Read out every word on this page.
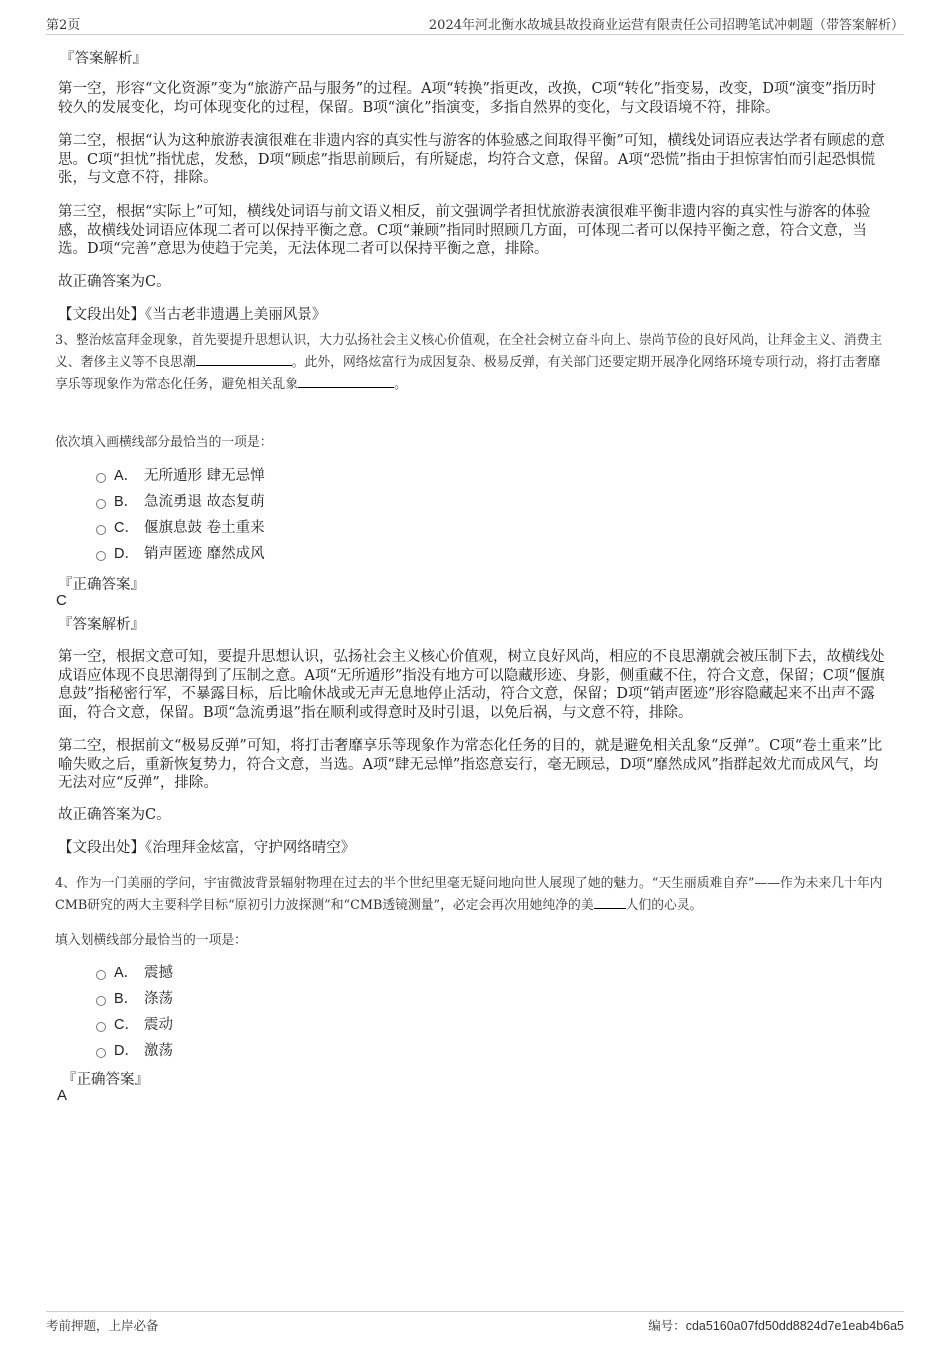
第2页	2024年河北衡水故城县故投商业运营有限责任公司招聘笔试冲刺题（带答案解析）
『答案解析』

第一空，形容“文化资源”变为“旅游产品与服务”的过程。A项“转换”指更改，改换，C项“转化”指变易，改变，D项“演变”指历时较久的发展变化，均可体现变化的过程，保留。B项“演化”指演变，多指自然界的变化，与文段语境不符，排除。

第二空，根据“认为这种旅游表演很难在非遗内容的真实性与游客的体验感之间取得平衡”可知，横线处词语应表达学者有顾虑的意思。C项“担忧”指忧虑，发愁，D项“顾虑”指思前顾后，有所疑虑，均符合文意，保留。A项“恐慌”指由于担惊害怕而引起恐惧慌张，与文意不符，排除。

第三空，根据“实际上”可知，横线处词语与前文语义相反，前文强调学者担忧旅游表演很难平衡非遗内容的真实性与游客的体验感，故横线处词语应体现二者可以保持平衡之意。C项“兼顾”指同时照顾几方面，可体现二者可以保持平衡之意，符合文意，当选。D项“完善”意思为使趋于完美，无法体现二者可以保持平衡之意，排除。

故正确答案为C。

【文段出处】《当古老非遗遇上美丽风景》

3、整治炫富拜金现象，首先要提升思想认识，大力弘扬社会主义核心价值观，在全社会树立奋斗向上、崇尚节俭的良好风尚，让拜金主义、消费主义、奢侈主义等不良思潮	。此外，网络炫富行为成因复杂、极易反弹，有关部门还要定期开展净化网络环境专项行动，将打击奢靡享乐等现象作为常态化任务，避免相关乱象	。
依次填入画横线部分最恰当的一项是：
A． 无所遁形 肆无忌惮
B． 急流勇退 故态复萌
C． 偃旗息鼓 卷土重来
D． 销声匿迹 靡然成风
『正确答案』
C
『答案解析』

第一空，根据文意可知，要提升思想认识，弘扬社会主义核心价值观，树立良好风尚，相应的不良思潮就会被压制下去，故横线处成语应体现不良思潮得到了压制之意。A项“无所遁形”指没有地方可以隐藏形迹、身影，侧重藏不住，符合文意，保留；C项“偃旗息鼓”指秘密行军，不暴露目标，后比喻休战或无声无息地停止活动，符合文意，保留；D项“销声匿迹”形容隐藏起来不出声不露面，符合文意，保留。B项“急流勇退”指在顺利或得意时及时引退，以免后祸，与文意不符，排除。

第二空，根据前文“极易反弹”可知，将打击奢靡享乐等现象作为常态化任务的目的，就是避免相关乱象“反弹”。C项“卷土重来”比喻失败之后，重新恢复势力，符合文意，当选。A项“肆无忌惮”指恣意妄行，毫无顾忌，D项“靡然成风”指群起效尤而成风气，均无法对应“反弹”，排除。

故正确答案为C。

【文段出处】《治理拜金炫富，守护网络晴空》

4、作为一门美丽的学问，宇宙微波背景辐射物理在过去的半个世纪里毫无疑问地向世人展现了她的魅力。“天生丽质难自弃”——作为未来几十年内CMB研究的两大主要科学目标“原初引力波探测”和“CMB透镜测量”，必定会再次用她纯净的美	人们的心灵。
填入划横线部分最恰当的一项是：
A． 震撼
B． 涤荡
C． 震动
D． 激荡
『正确答案』
A
考前押题，上岸必备	编号：cda5160a07fd50dd8824d7e1eab4b6a5
